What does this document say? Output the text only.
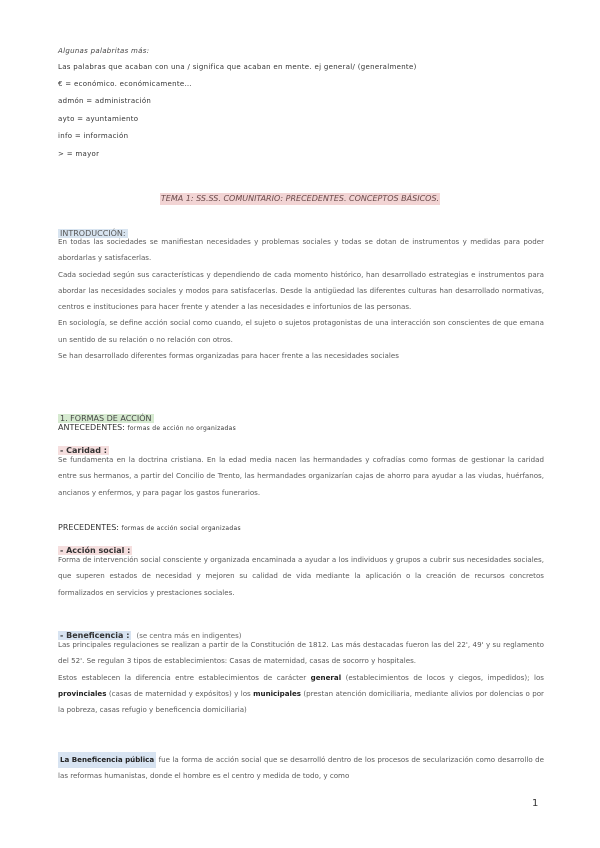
Algunas palabritas más:
Las palabras que acaban con una / significa que acaban en mente. ej general/ (generalmente)
€ = económico. económicamente…
admón = administración
ayto = ayuntamiento
info = información
> = mayor
TEMA 1: SS.SS. COMUNITARIO: PRECEDENTES. CONCEPTOS BÁSICOS.
INTRODUCCIÓN:

En todas las sociedades se manifiestan necesidades y problemas sociales y todas se dotan de instrumentos y medidas para poder abordarlas y satisfacerlas.

Cada sociedad según sus características y dependiendo de cada momento histórico, han desarrollado estrategias e instrumentos para abordar las necesidades sociales y modos para satisfacerlas. Desde la antigüedad las diferentes culturas han desarrollado normativas, centros e instituciones para hacer frente y atender a las necesidades e infortunios de las personas.

En sociología, se define acción social como cuando, el sujeto o sujetos protagonistas de una interacción son conscientes de que emana un sentido de su relación o no relación con otros.

Se han desarrollado diferentes formas organizadas para hacer frente a las necesidades sociales

1. FORMAS DE ACCIÓN
ANTECEDENTES: formas de acción no organizadas
- Caridad :

Se fundamenta en la doctrina cristiana. En la edad media nacen las hermandades y cofradías como formas de gestionar la caridad entre sus hermanos, a partir del Concilio de Trento, las hermandades organizarían cajas de ahorro para ayudar a las viudas, huérfanos, ancianos y enfermos, y para pagar los gastos funerarios.

PRECEDENTES: formas de acción social organizadas
- Acción social :

Forma de intervención social consciente y organizada encaminada a ayudar a los individuos y grupos a cubrir sus necesidades sociales, que superen estados de necesidad y mejoren su calidad de vida mediante la aplicación o la creación de recursos concretos formalizados en servicios y prestaciones sociales.

- Beneficencia : (se centra más en indigentes)

Las principales regulaciones se realizan a partir de la Constitución de 1812. Las más destacadas fueron las del 22', 49' y su reglamento del 52'. Se regulan 3 tipos de establecimientos: Casas de maternidad, casas de socorro y hospitales.

Estos establecen la diferencia entre establecimientos de carácter general (establecimientos de locos y ciegos, impedidos); los provinciales (casas de maternidad y expósitos) y los municipales (prestan atención domiciliaria, mediante alivios por dolencias o por la pobreza, casas refugio y beneficencia domiciliaria)

La Beneficencia pública fue la forma de acción social que se desarrolló dentro de los procesos de secularización como desarrollo de las reformas humanistas, donde el hombre es el centro y medida de todo, y como

1
